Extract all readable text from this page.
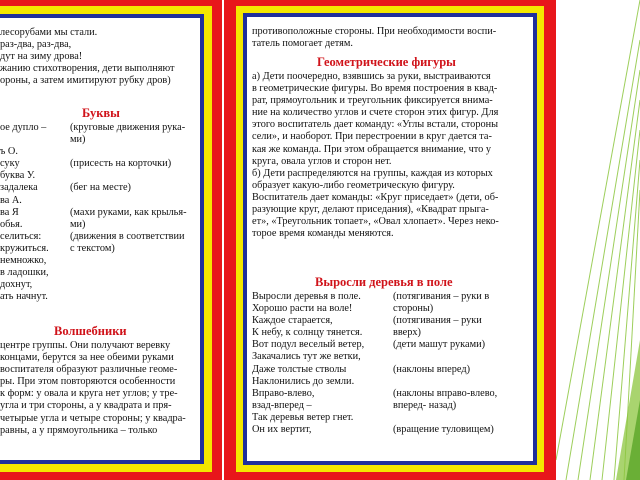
лесорубами мы стали.
раз-два, раз-два,
дут на зиму дрова!
жанию стихотворения, дети выполняют
ороны, а затем имитируют рубку дров)
Буквы
ое дупло –
ъ О.
суку
буква У.
задалека
ва А.
ва Я
обья.
селиться:
кружиться.
немножко,
в ладошки,
дохнут,
ать начнут.
(круговые движения рука-
ми)
(присесть на корточки)
(бег на месте)
(махи руками, как крылья-
ми)
(движения в соответствии
с текстом)
Волшебники
центре группы. Они получают веревку
концами, берутся за нее обеими руками
воспитателя образуют различные геоме-
ры. При этом повторяются особенности
к форм: у овала и круга нет углов; у тре-
угла и три стороны, а у квадрата и пря-
четырые угла и четыре стороны; у квадра-
равны, а у прямоугольника – только
противоположные стороны. При необходимости воспи-
татель помогает детям.
Геометрические фигуры
а) Дети поочередно, взявшись за руки, выстраиваются
в геометрические фигуры. Во время построения в квад-
рат, прямоугольник и треугольник фиксируется внима-
ние на количество углов и счете сторон этих фигур. Для
этого воспитатель дает команду: «Углы встали, стороны
сели», и наоборот. При перестроении в круг дается та-
кая же команда. При этом обращается внимание, что у
круга, овала углов и сторон нет.
б) Дети распределяются на группы, каждая из которых
образует какую-либо геометрическую фигуру.
Воспитатель дает команды: «Круг приседает» (дети, об-
разующие круг, делают приседания), «Квадрат прыга-
ет», «Треугольник топает», «Овал хлопает». Через неко-
торое время команды меняются.
Выросли деревья в поле
Выросли деревья в поле.
Хорошо расти на воле!
Каждое старается,
К небу, к солнцу тянется.
Вот подул веселый ветер,
Закачались тут же ветки,
Даже толстые стволы
Наклонились до земли.
Вправо-влево,
взад-вперед –
Так деревья ветер гнет.
Он их вертит,
(потягивания – руки в
стороны)
(потягивания – руки
вверх)
(дети машут руками)
(наклоны вперед)
(наклоны вправо-влево,
вперед- назад)
(вращение туловищем)
